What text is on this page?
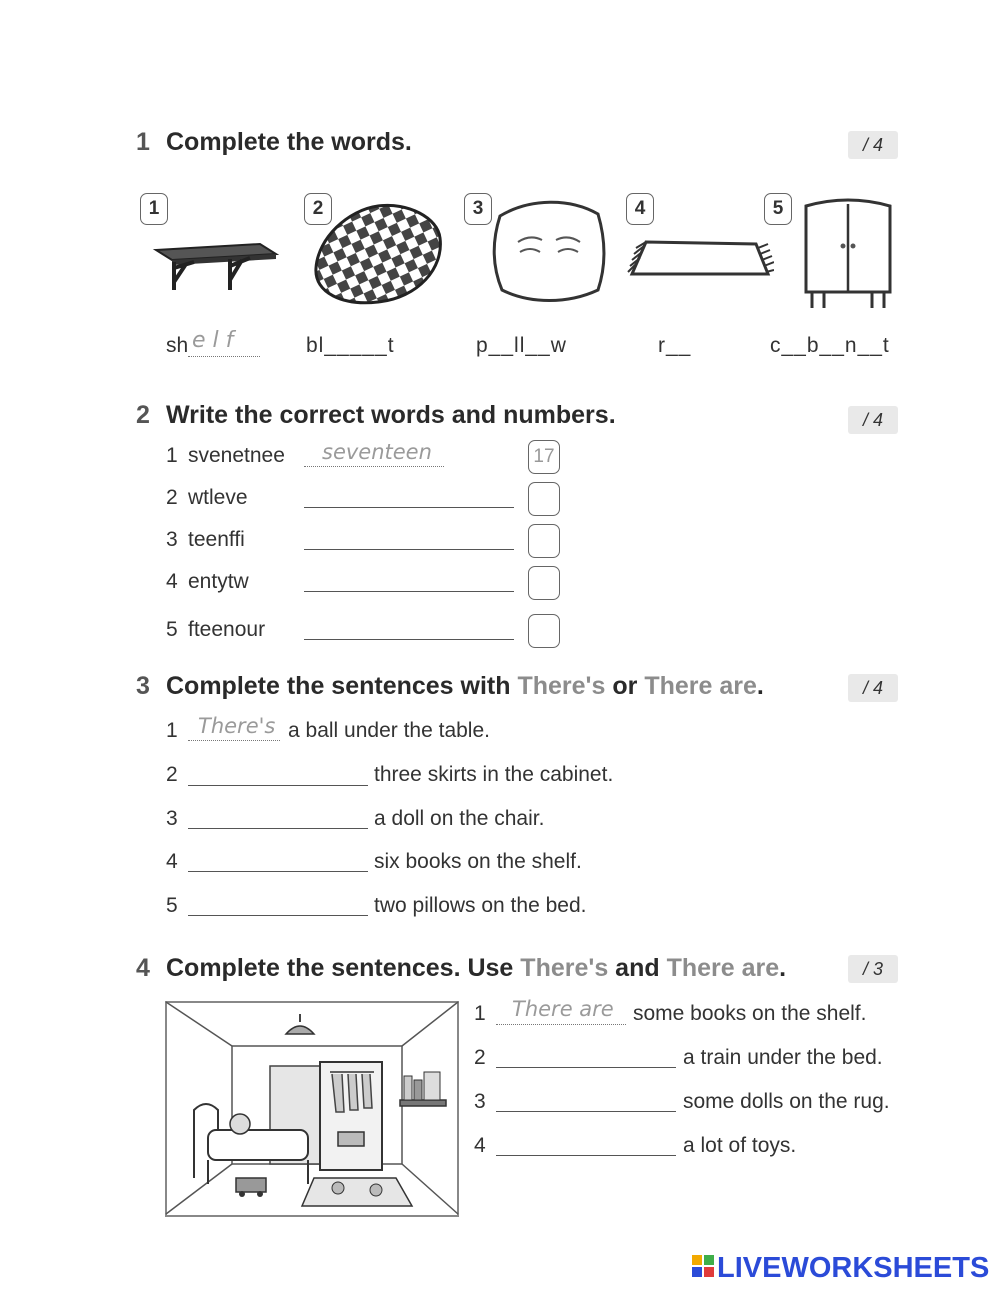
1 Complete the words.	/ 4
1	2	3	4	5
sh e l f	bl_____t	p__ll__w	r__	c__b__n__t
2 Write the correct words and numbers.	/ 4
1 svenetnee seventeen	17
2 wtleve
3 teenffi
4 entytw
5 fteenour
3 Complete the sentences with There's or There are.	/ 4
1 There's a ball under the table.
2	three skirts in the cabinet.
3	a doll on the chair.
4	six books on the shelf.
5	two pillows on the bed.
4 Complete the sentences. Use There's and There are.	/ 3
1 There are some books on the shelf.
2	a train under the bed.
3	some dolls on the rug.
4	a lot of toys.
LIVEWORKSHEETS
